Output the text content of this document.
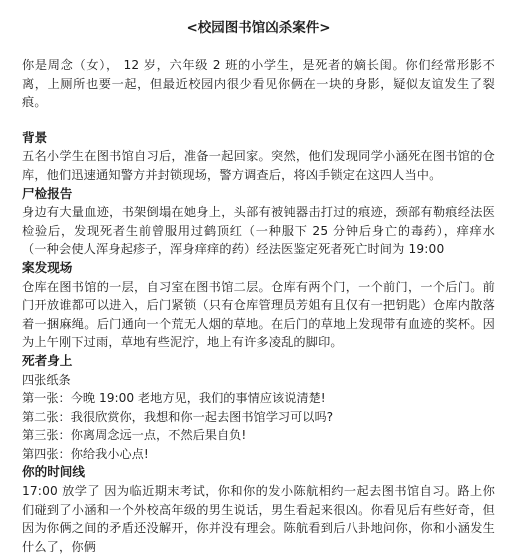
<校园图书馆凶杀案件>

你是周念（女）， 12 岁，六年级 2 班的小学生，是死者的嫡长闺。你们经常形影不离，上厕所也要一起，但最近校园内很少看见你俩在一块的身影，疑似友谊发生了裂痕。

背景

五名小学生在图书馆自习后，准备一起回家。突然，他们发现同学小涵死在图书馆的仓库，他们迅速通知警方并封锁现场，警方调查后，将凶手锁定在这四人当中。

尸检报告

身边有大量血迹，书架倒塌在她身上，头部有被钝器击打过的痕迹，颈部有勒痕经法医检验后，发现死者生前曾服用过鹤顶红（一种服下 25 分钟后身亡的毒药），痒痒水（一种会使人浑身起疹子，浑身痒痒的药）经法医鉴定死者死亡时间为 19:00

案发现场

仓库在图书馆的一层，自习室在图书馆二层。仓库有两个门，一个前门，一个后门。前门开放谁都可以进入，后门紧锁（只有仓库管理员芳姐有且仅有一把钥匙）仓库内散落着一捆麻绳。后门通向一个荒无人烟的草地。在后门的草地上发现带有血迹的奖杯。因为上午刚下过雨，草地有些泥泞，地上有许多凌乱的脚印。

死者身上

四张纸条

第一张：今晚 19:00 老地方见，我们的事情应该说清楚!

第二张：我很欣赏你，我想和你一起去图书馆学习可以吗?

第三张：你离周念远一点，不然后果自负!

第四张：你给我小心点!

你的时间线

17:00 放学了 因为临近期末考试，你和你的发小陈航相约一起去图书馆自习。路上你们碰到了小涵和一个外校高年级的男生说话，男生看起来很凶。你看见后有些好奇，但因为你俩之间的矛盾还没解开，你并没有理会。陈航看到后八卦地问你，你和小涵发生什么了，你俩
